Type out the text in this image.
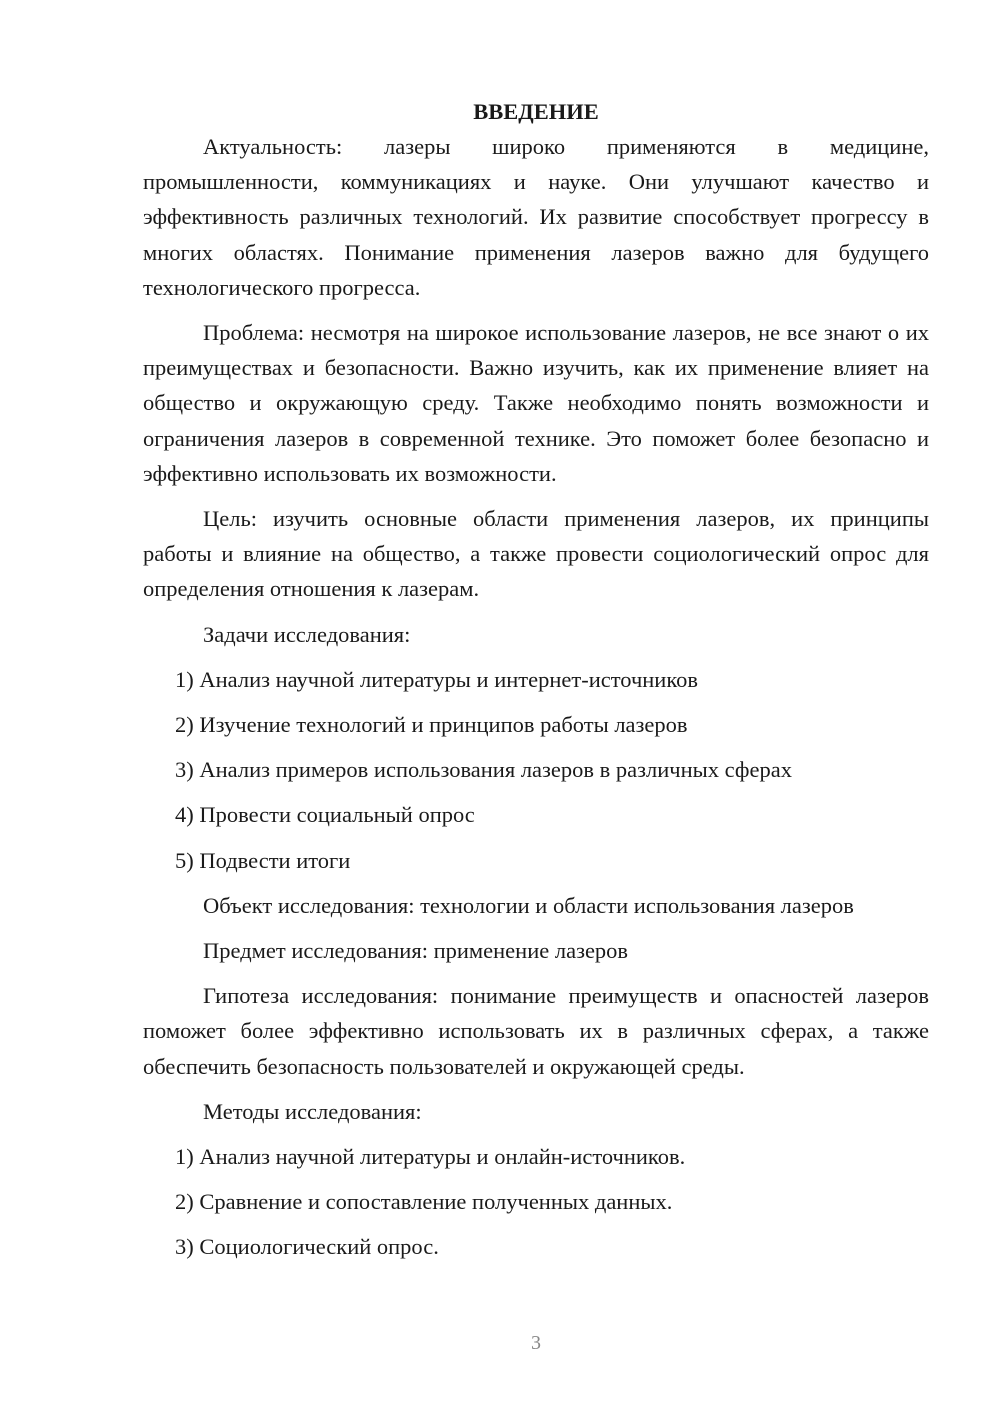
ВВЕДЕНИЕ

Актуальность: лазеры широко применяются в медицине, промышленности, коммуникациях и науке. Они улучшают качество и эффективность различных технологий. Их развитие способствует прогрессу в многих областях. Понимание применения лазеров важно для будущего технологического прогресса.

Проблема: несмотря на широкое использование лазеров, не все знают о их преимуществах и безопасности. Важно изучить, как их применение влияет на общество и окружающую среду. Также необходимо понять возможности и ограничения лазеров в современной технике. Это поможет более безопасно и эффективно использовать их возможности.

Цель: изучить основные области применения лазеров, их принципы работы и влияние на общество, а также провести социологический опрос для определения отношения к лазерам.

Задачи исследования:

1) Анализ научной литературы и интернет-источников

2) Изучение технологий и принципов работы лазеров

3) Анализ примеров использования лазеров в различных сферах

4) Провести социальный опрос

5) Подвести итоги

Объект исследования: технологии и области использования лазеров

Предмет исследования: применение лазеров

Гипотеза исследования: понимание преимуществ и опасностей лазеров поможет более эффективно использовать их в различных сферах, а также обеспечить безопасность пользователей и окружающей среды.

Методы исследования:

1) Анализ научной литературы и онлайн-источников.

2) Сравнение и сопоставление полученных данных.

3) Социологический опрос.

3
